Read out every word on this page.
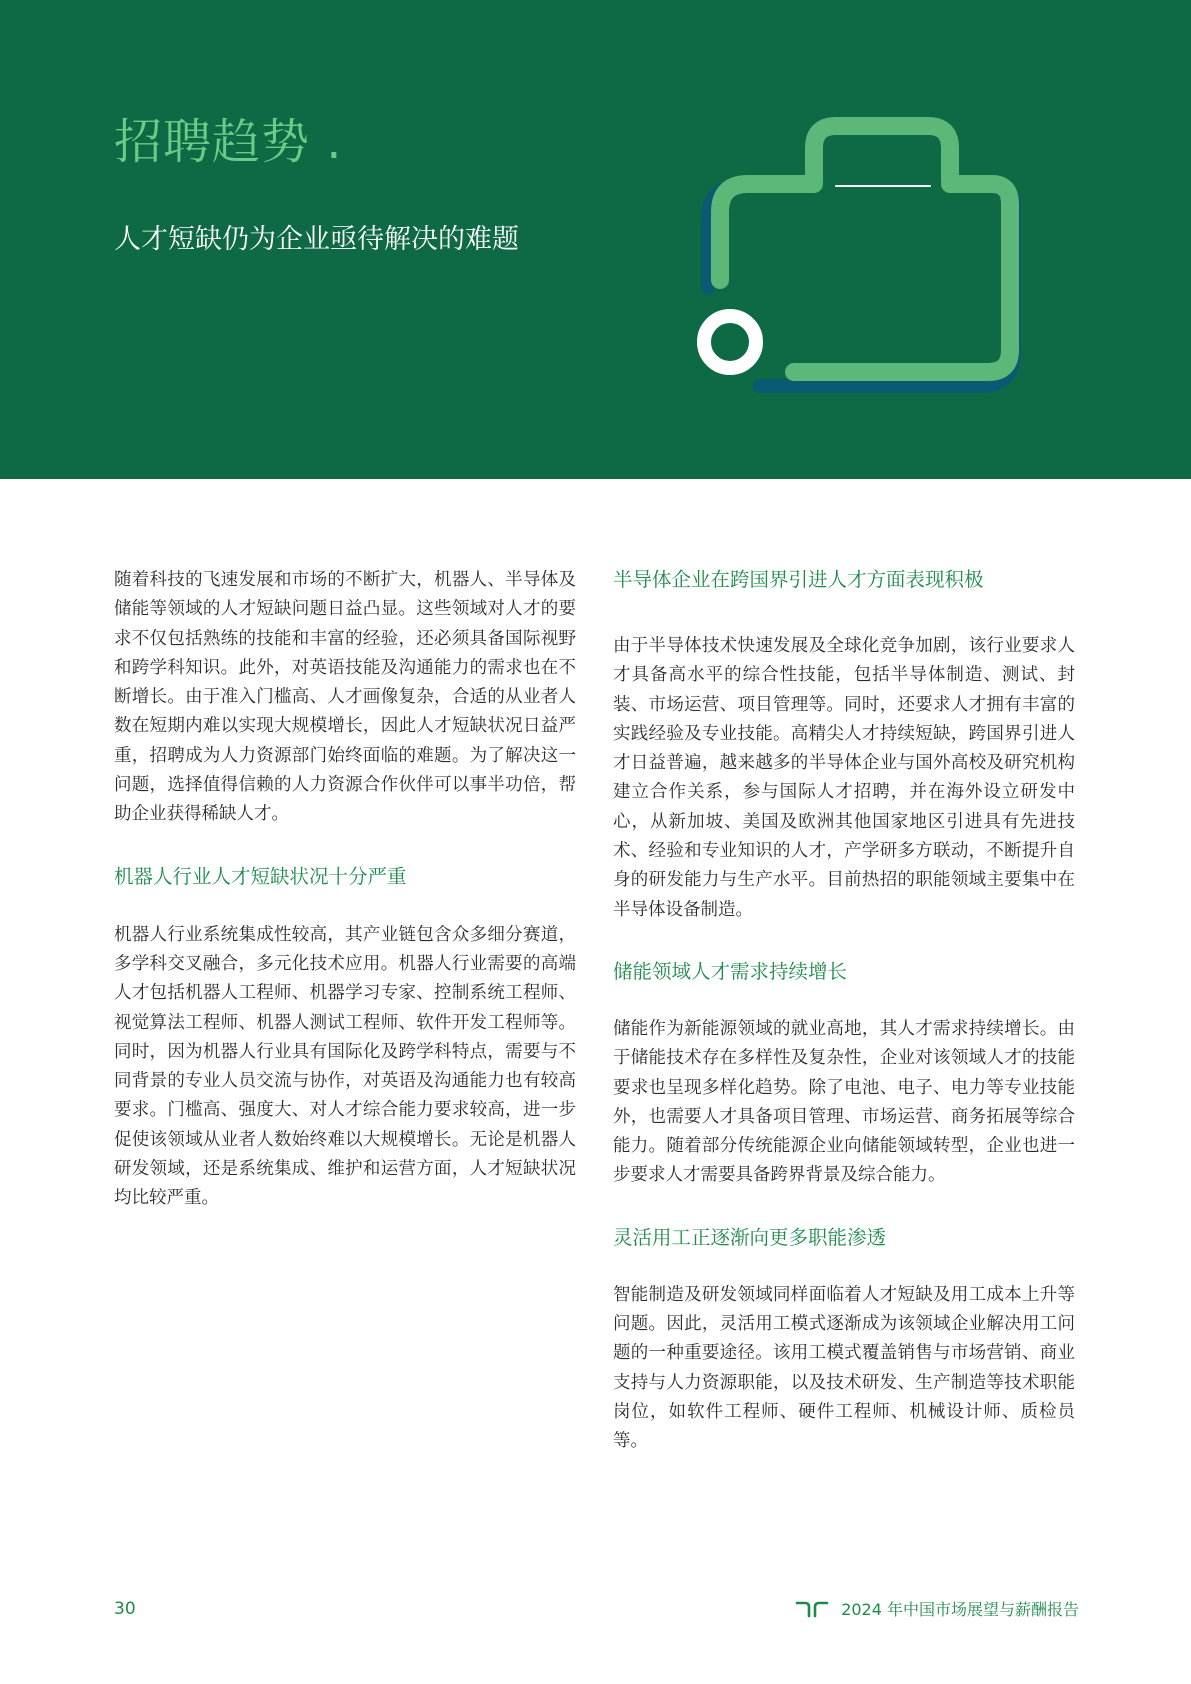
招聘趋势 .
人才短缺仍为企业亟待解决的难题

随着科技的飞速发展和市场的不断扩大，机器人、半导体及储能等领域的人才短缺问题日益凸显。这些领域对人才的要求不仅包括熟练的技能和丰富的经验，还必须具备国际视野和跨学科知识。此外，对英语技能及沟通能力的需求也在不断增长。由于准入门槛高、人才画像复杂，合适的从业者人数在短期内难以实现大规模增长，因此人才短缺状况日益严重，招聘成为人力资源部门始终面临的难题。为了解决这一问题，选择值得信赖的人力资源合作伙伴可以事半功倍，帮助企业获得稀缺人才。

机器人行业人才短缺状况十分严重

机器人行业系统集成性较高，其产业链包含众多细分赛道，多学科交叉融合，多元化技术应用。机器人行业需要的高端人才包括机器人工程师、机器学习专家、控制系统工程师、视觉算法工程师、机器人测试工程师、软件开发工程师等。同时，因为机器人行业具有国际化及跨学科特点，需要与不同背景的专业人员交流与协作，对英语及沟通能力也有较高要求。门槛高、强度大、对人才综合能力要求较高，进一步促使该领域从业者人数始终难以大规模增长。无论是机器人研发领域，还是系统集成、维护和运营方面，人才短缺状况均比较严重。

半导体企业在跨国界引进人才方面表现积极

由于半导体技术快速发展及全球化竞争加剧，该行业要求人才具备高水平的综合性技能，包括半导体制造、测试、封装、市场运营、项目管理等。同时，还要求人才拥有丰富的实践经验及专业技能。高精尖人才持续短缺，跨国界引进人才日益普遍，越来越多的半导体企业与国外高校及研究机构建立合作关系，参与国际人才招聘，并在海外设立研发中心，从新加坡、美国及欧洲其他国家地区引进具有先进技术、经验和专业知识的人才，产学研多方联动，不断提升自身的研发能力与生产水平。目前热招的职能领域主要集中在半导体设备制造。

储能领域人才需求持续增长

储能作为新能源领域的就业高地，其人才需求持续增长。由于储能技术存在多样性及复杂性，企业对该领域人才的技能要求也呈现多样化趋势。除了电池、电子、电力等专业技能外，也需要人才具备项目管理、市场运营、商务拓展等综合能力。随着部分传统能源企业向储能领域转型，企业也进一步要求人才需要具备跨界背景及综合能力。

灵活用工正逐渐向更多职能渗透

智能制造及研发领域同样面临着人才短缺及用工成本上升等问题。因此，灵活用工模式逐渐成为该领域企业解决用工问题的一种重要途径。该用工模式覆盖销售与市场营销、商业支持与人力资源职能，以及技术研发、生产制造等技术职能岗位，如软件工程师、硬件工程师、机械设计师、质检员等。

30	2024 年中国市场展望与薪酬报告
